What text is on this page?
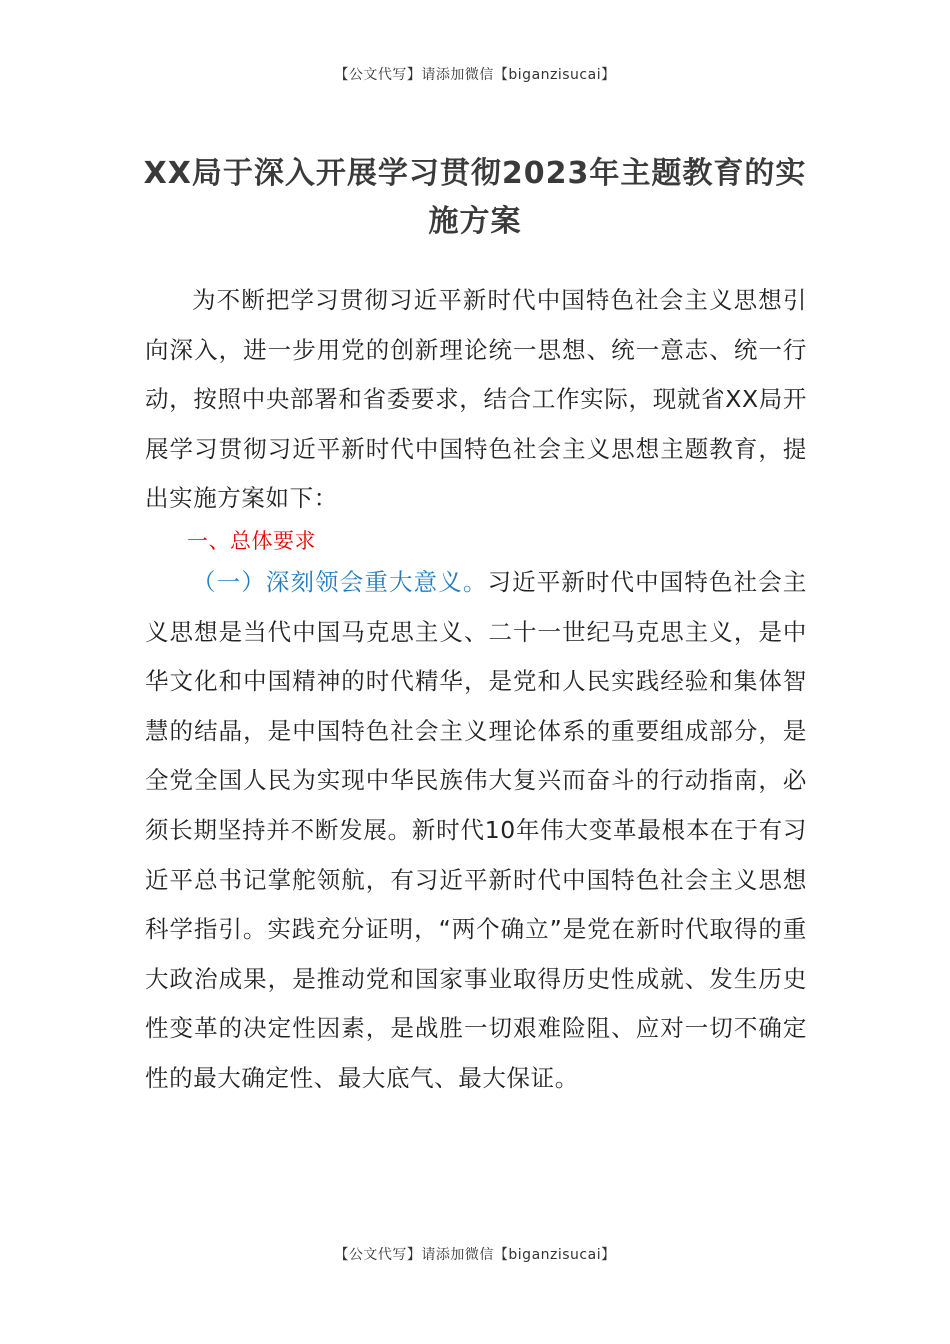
【公文代写】请添加微信【biganzisucai】
XX局于深入开展学习贯彻2023年主题教育的实施方案

为不断把学习贯彻习近平新时代中国特色社会主义思想引向深入，进一步用党的创新理论统一思想、统一意志、统一行动，按照中央部署和省委要求，结合工作实际，现就省XX局开展学习贯彻习近平新时代中国特色社会主义思想主题教育，提出实施方案如下：

一、总体要求

（一）深刻领会重大意义。习近平新时代中国特色社会主义思想是当代中国马克思主义、二十一世纪马克思主义，是中华文化和中国精神的时代精华，是党和人民实践经验和集体智慧的结晶，是中国特色社会主义理论体系的重要组成部分，是全党全国人民为实现中华民族伟大复兴而奋斗的行动指南，必须长期坚持并不断发展。新时代10年伟大变革最根本在于有习近平总书记掌舵领航，有习近平新时代中国特色社会主义思想科学指引。实践充分证明，“两个确立”是党在新时代取得的重大政治成果，是推动党和国家事业取得历史性成就、发生历史性变革的决定性因素，是战胜一切艰难险阻、应对一切不确定性的最大确定性、最大底气、最大保证。

【公文代写】请添加微信【biganzisucai】
